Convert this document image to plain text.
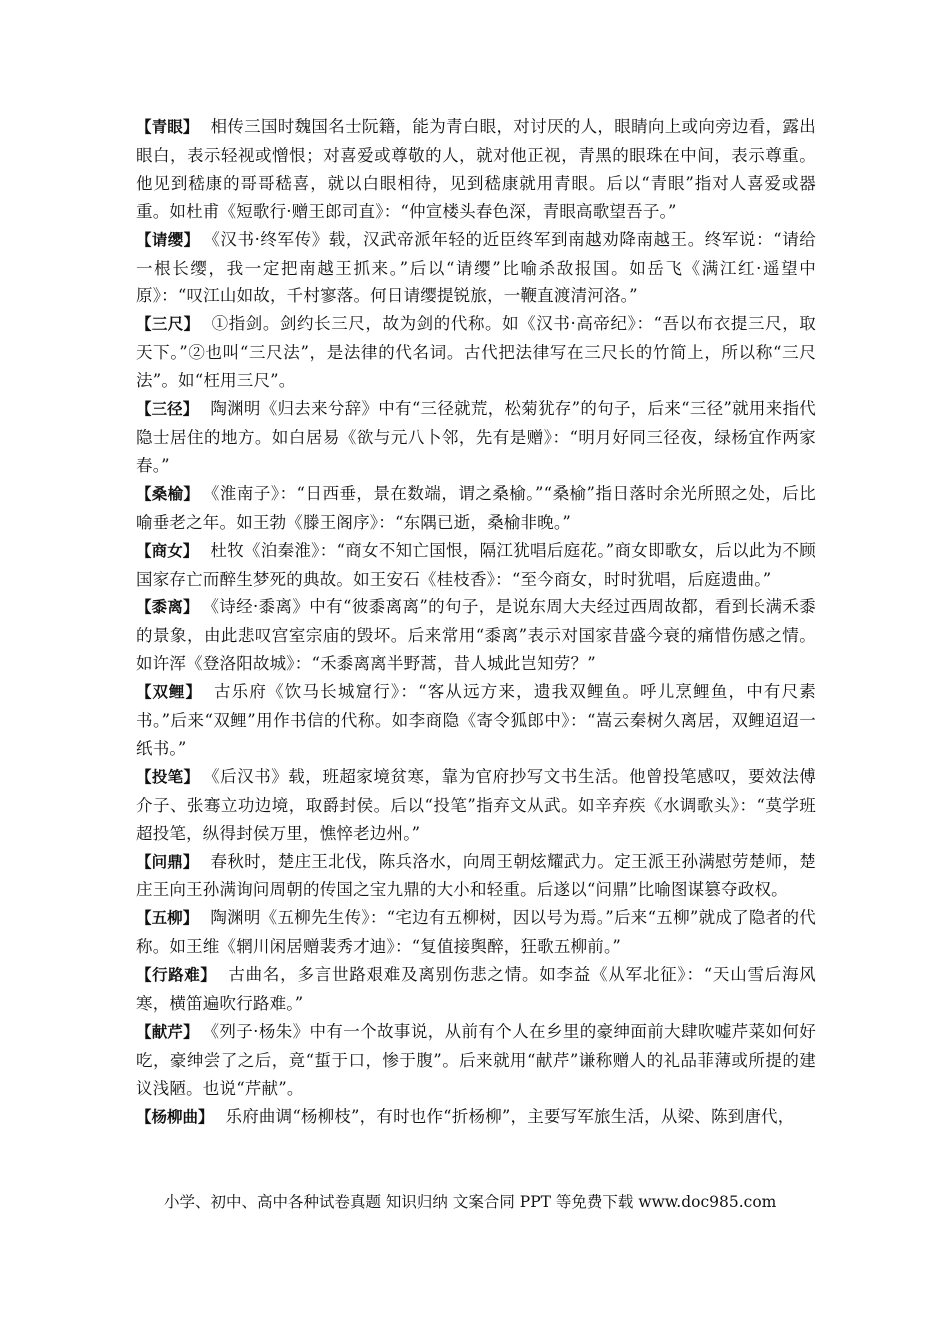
【青眼】 相传三国时魏国名士阮籍，能为青白眼，对讨厌的人，眼睛向上或向旁边看，露出眼白，表示轻视或憎恨；对喜爱或尊敬的人，就对他正视，青黑的眼珠在中间，表示尊重。他见到嵇康的哥哥嵇喜，就以白眼相待，见到嵇康就用青眼。后以“青眼”指对人喜爱或器重。如杜甫《短歌行·赠王郎司直》：“仲宣楼头春色深，青眼高歌望吾子。”

【请缨】 《汉书·终军传》载，汉武帝派年轻的近臣终军到南越劝降南越王。终军说：“请给一根长缨，我一定把南越王抓来。”后以“请缨”比喻杀敌报国。如岳飞《满江红·遥望中原》：“叹江山如故，千村寥落。何日请缨提锐旅，一鞭直渡清河洛。”

【三尺】 ①指剑。剑约长三尺，故为剑的代称。如《汉书·高帝纪》：“吾以布衣提三尺，取天下。”②也叫“三尺法”，是法律的代名词。古代把法律写在三尺长的竹简上，所以称“三尺法”。如“枉用三尺”。

【三径】 陶渊明《归去来兮辞》中有“三径就荒，松菊犹存”的句子，后来“三径”就用来指代隐士居住的地方。如白居易《欲与元八卜邻，先有是赠》：“明月好同三径夜，绿杨宜作两家春。”

【桑榆】 《淮南子》：“日西垂，景在数端，谓之桑榆。”“桑榆”指日落时余光所照之处，后比喻垂老之年。如王勃《滕王阁序》：“东隅已逝，桑榆非晚。”

【商女】 杜牧《泊秦淮》：“商女不知亡国恨，隔江犹唱后庭花。”商女即歌女，后以此为不顾国家存亡而醉生梦死的典故。如王安石《桂枝香》：“至今商女，时时犹唱，后庭遗曲。”

【黍离】 《诗经·黍离》中有“彼黍离离”的句子，是说东周大夫经过西周故都，看到长满禾黍的景象，由此悲叹宫室宗庙的毁坏。后来常用“黍离”表示对国家昔盛今衰的痛惜伤感之情。如许浑《登洛阳故城》：“禾黍离离半野蒿，昔人城此岂知劳？”

【双鲤】 古乐府《饮马长城窟行》：“客从远方来，遗我双鲤鱼。呼儿烹鲤鱼，中有尺素书。”后来“双鲤”用作书信的代称。如李商隐《寄令狐郎中》：“嵩云秦树久离居，双鲤迢迢一纸书。”

【投笔】 《后汉书》载，班超家境贫寒，靠为官府抄写文书生活。他曾投笔感叹，要效法傅介子、张骞立功边境，取爵封侯。后以“投笔”指弃文从武。如辛弃疾《水调歌头》：“莫学班超投笔，纵得封侯万里，憔悴老边州。”

【问鼎】 春秋时，楚庄王北伐，陈兵洛水，向周王朝炫耀武力。定王派王孙满慰劳楚师，楚庄王向王孙满询问周朝的传国之宝九鼎的大小和轻重。后遂以“问鼎”比喻图谋篡夺政权。

【五柳】 陶渊明《五柳先生传》：“宅边有五柳树，因以号为焉。”后来“五柳”就成了隐者的代称。如王维《辋川闲居赠裴秀才迪》：“复值接舆醉，狂歌五柳前。”

【行路难】 古曲名，多言世路艰难及离别伤悲之情。如李益《从军北征》：“天山雪后海风寒，横笛遍吹行路难。”

【献芹】 《列子·杨朱》中有一个故事说，从前有个人在乡里的豪绅面前大肆吹嘘芹菜如何好吃，豪绅尝了之后，竟“蜇于口，惨于腹”。后来就用“献芹”谦称赠人的礼品菲薄或所提的建议浅陋。也说“芹献”。

【杨柳曲】 乐府曲调“杨柳枝”，有时也作“折杨柳”，主要写军旅生活，从梁、陈到唐代，

小学、初中、高中各种试卷真题 知识归纳 文案合同 PPT 等免费下载 www.doc985.com
